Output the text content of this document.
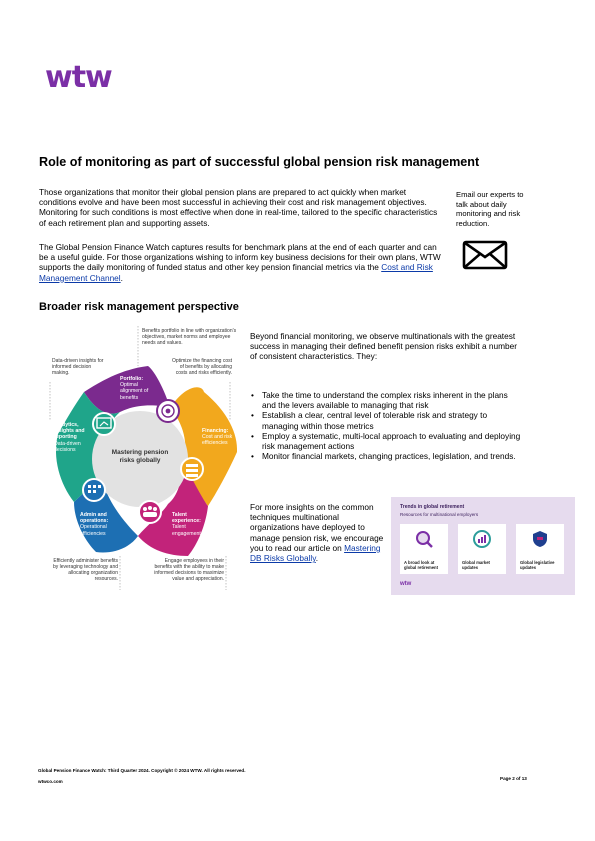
wtw
Role of monitoring as part of successful global pension risk management
Those organizations that monitor their global pension plans are prepared to act quickly when market conditions evolve and have been most successful in achieving their cost and risk management objectives. Monitoring for such conditions is most effective when done in real-time, tailored to the specific characteristics of each retirement plan and supporting assets.
The Global Pension Finance Watch captures results for benchmark plans at the end of each quarter and can be a useful guide. For those organizations wishing to inform key business decisions for their own plans, WTW supports the daily monitoring of funded status and other key pension financial metrics via the Cost and Risk Management Channel.
Email our experts to talk about daily monitoring and risk reduction.
Broader risk management perspective
Benefits portfolio in line with organization's objectives, market norms and employee needs and values.
Data-driven insights for informed decision making.
Optimize the financing cost of benefits by allocating costs and risks efficiently.
Efficiently administer benefits by leveraging technology and allocating organization resources.
Engage employees in their benefits with the ability to make informed decisions to maximize value and appreciation.
Portfolio:
Optimal alignment of benefits
Financing:
Cost and risk efficiencies
Talent experience:
Talent engagement
Admin and operations:
Operational efficiencies
Analytics, insights and reporting
Data-driven decisions	Mastering pension risks globally
Beyond financial monitoring, we observe multinationals with the greatest success in managing their defined benefit pension risks exhibit a number of consistent characteristics. They:
• Take the time to understand the complex risks inherent in the plans and the levers available to managing that risk
• Establish a clear, central level of tolerable risk and strategy to managing within those metrics
• Employ a systematic, multi-local approach to evaluating and deploying risk management actions
• Monitor financial markets, changing practices, legislation, and trends.
For more insights on the common techniques multinational organizations have deployed to manage pension risk, we encourage you to read our article on Mastering DB Risks Globally.
Trends in global retirement
Resources for multinational employers
A broad look at global retirement
Global market updates
Global legislative updates
wtw
Global Pension Finance Watch: Third Quarter 2024. Copyright © 2024 WTW. All rights reserved.
wtwco.com
Page 2 of 13
